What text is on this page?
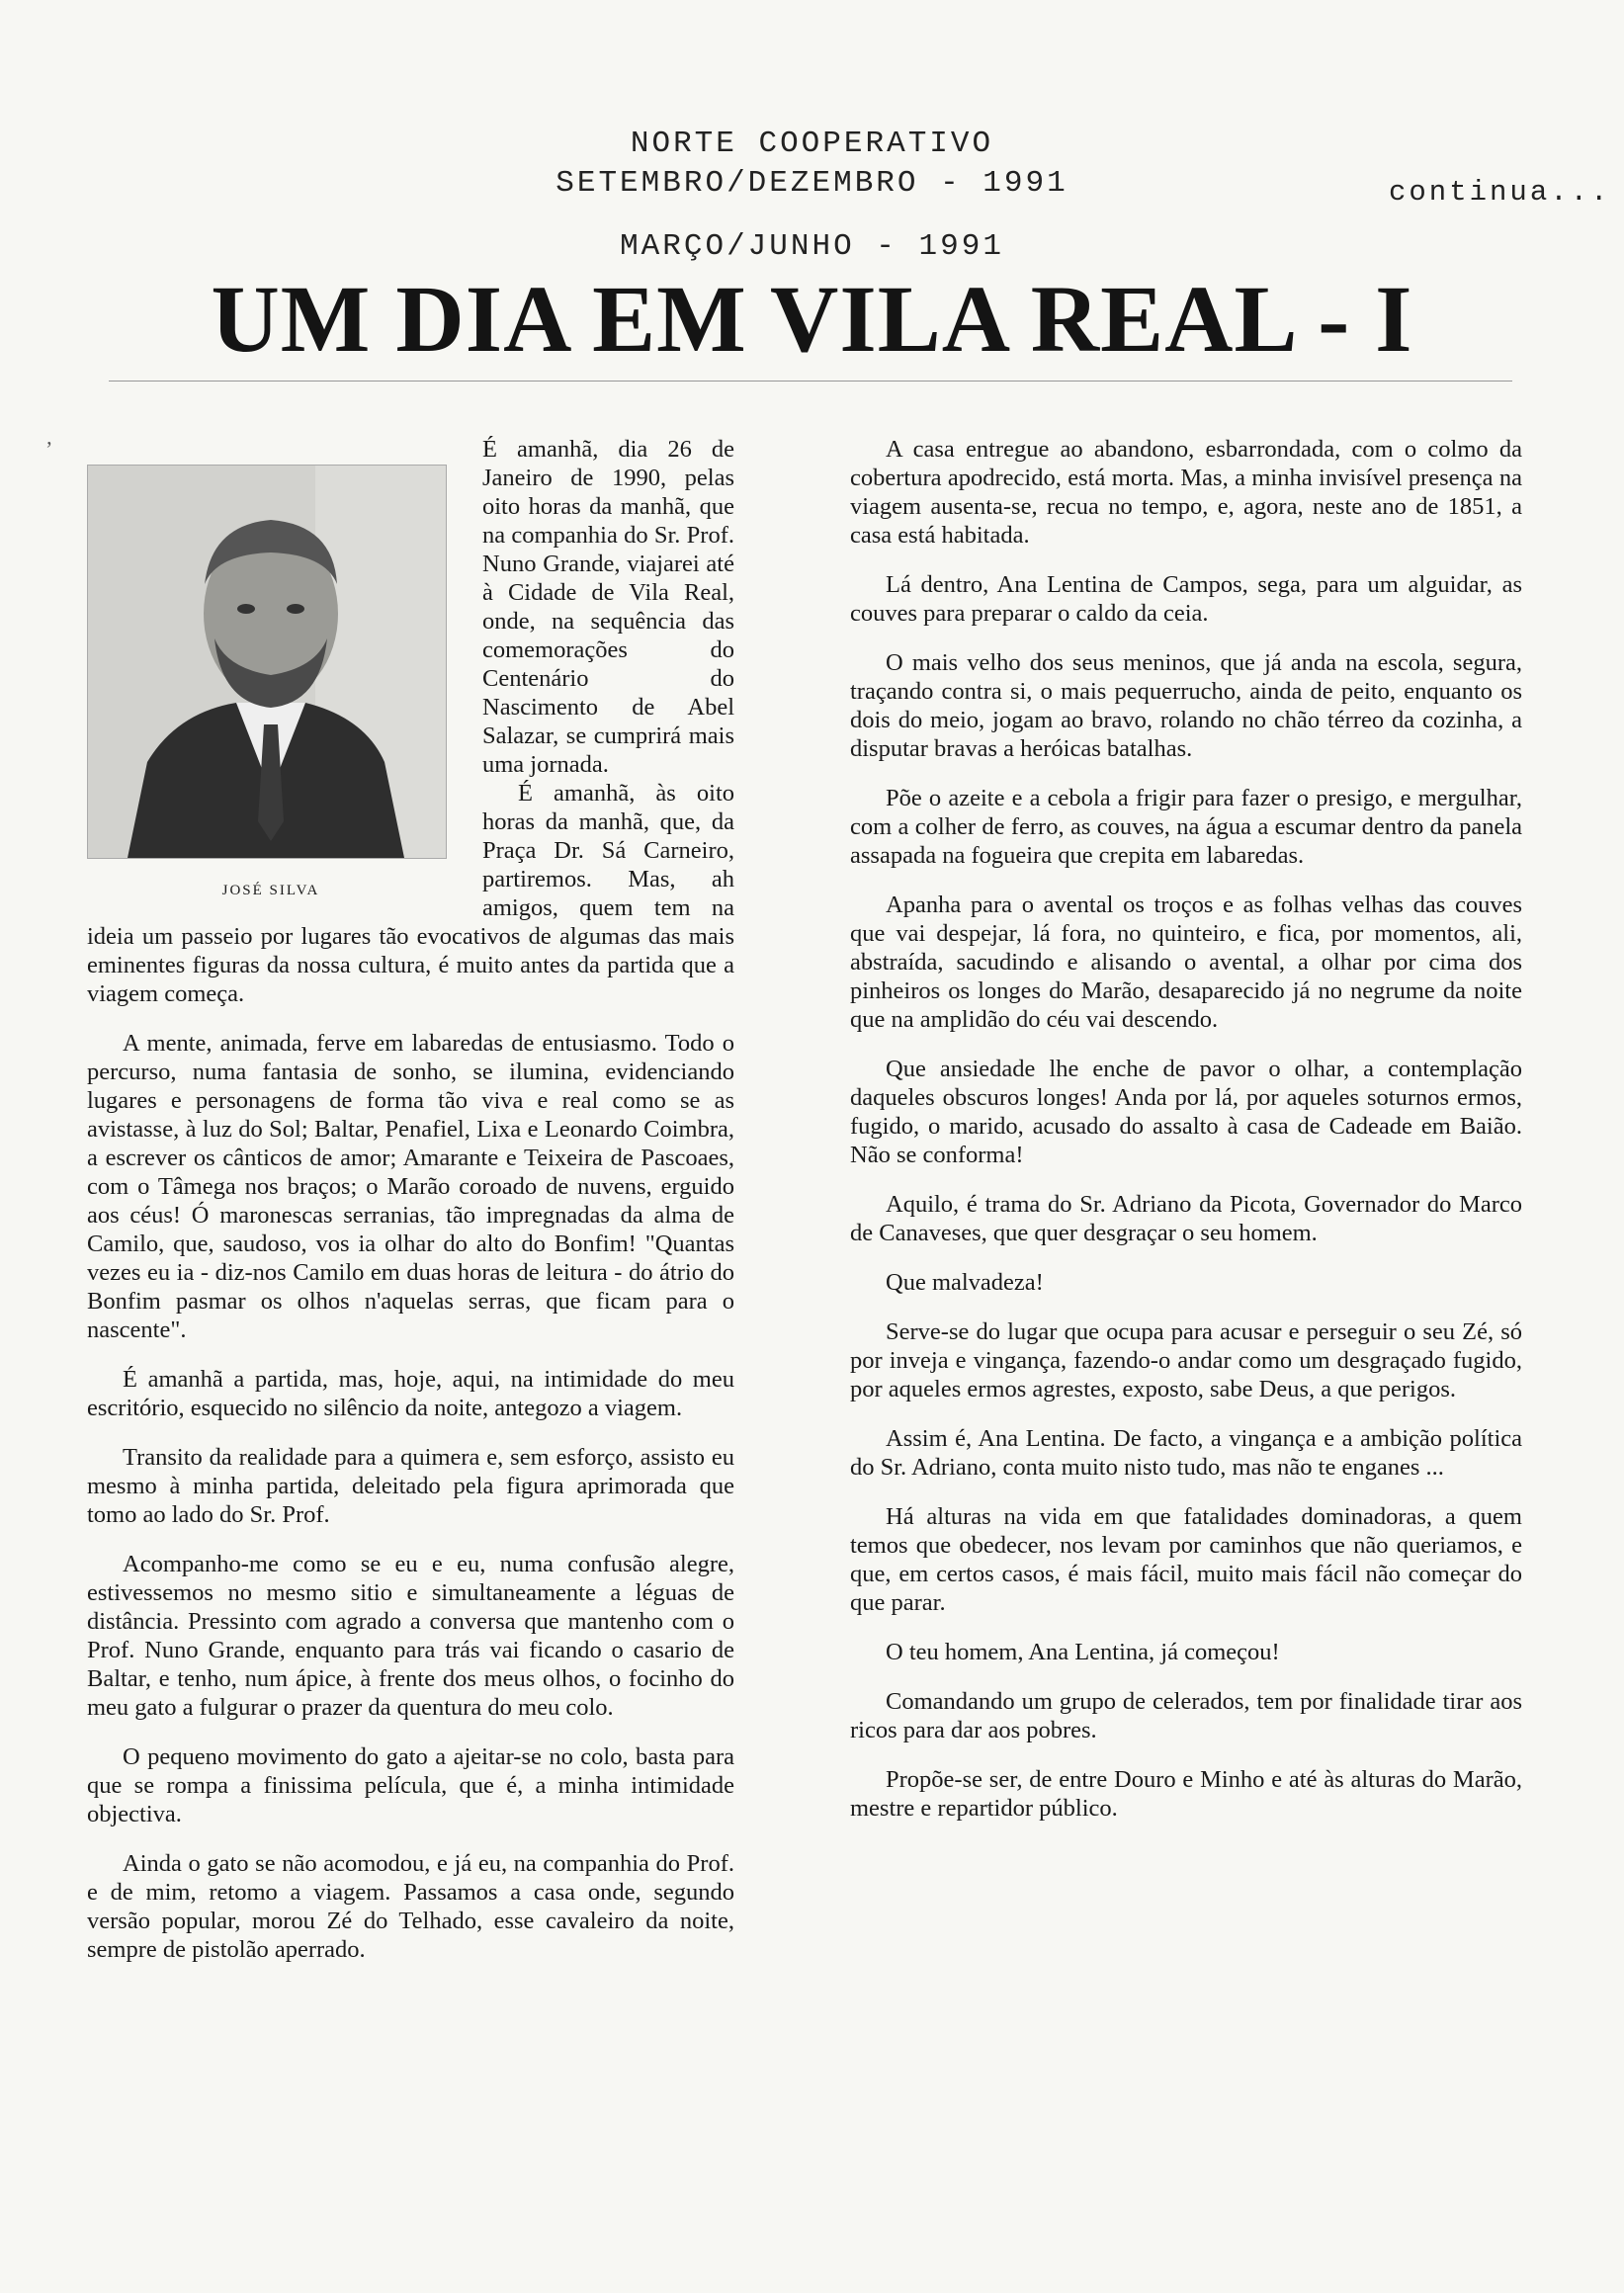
NORTE COOPERATIVO
SETEMBRO/DEZEMBRO - 1991	continua...
MARÇO/JUNHO - 1991
UM DIA EM VILA REAL - I
ʼ
JOSÉ SILVA

É amanhã, dia 26 de Janeiro de 1990, pelas oito horas da manhã, que na companhia do Sr. Prof. Nuno Grande, viajarei até à Cidade de Vila Real, onde, na sequência das comemorações do Centenário do Nascimento de Abel Salazar, se cumprirá mais uma jornada.

É amanhã, às oito horas da manhã, que, da Praça Dr. Sá Carneiro, partiremos. Mas, ah amigos, quem tem na ideia um passeio por lugares tão evocativos de algumas das mais eminentes figuras da nossa cultura, é muito antes da partida que a viagem começa.

A mente, animada, ferve em labaredas de entusiasmo. Todo o percurso, numa fantasia de sonho, se ilumina, evidenciando lugares e personagens de forma tão viva e real como se as avistasse, à luz do Sol; Baltar, Penafiel, Lixa e Leonardo Coimbra, a escrever os cânticos de amor; Amarante e Teixeira de Pascoaes, com o Tâmega nos braços; o Marão coroado de nuvens, erguido aos céus! Ó maronescas serranias, tão impregnadas da alma de Camilo, que, saudoso, vos ia olhar do alto do Bonfim! "Quantas vezes eu ia - diz-nos Camilo em duas horas de leitura - do átrio do Bonfim pasmar os olhos n'aquelas serras, que ficam para o nascente".

É amanhã a partida, mas, hoje, aqui, na intimidade do meu escritório, esquecido no silêncio da noite, antegozo a viagem.

Transito da realidade para a quimera e, sem esforço, assisto eu mesmo à minha partida, deleitado pela figura aprimorada que tomo ao lado do Sr. Prof.

Acompanho-me como se eu e eu, numa confusão alegre, estivessemos no mesmo sitio e simultaneamente a léguas de distância. Pressinto com agrado a conversa que mantenho com o Prof. Nuno Grande, enquanto para trás vai ficando o casario de Baltar, e tenho, num ápice, à frente dos meus olhos, o focinho do meu gato a fulgurar o prazer da quentura do meu colo.

O pequeno movimento do gato a ajeitar-se no colo, basta para que se rompa a finissima película, que é, a minha intimidade objectiva.

Ainda o gato se não acomodou, e já eu, na companhia do Prof. e de mim, retomo a viagem. Passamos a casa onde, segundo versão popular, morou Zé do Telhado, esse cavaleiro da noite, sempre de pistolão aperrado.

A casa entregue ao abandono, esbarrondada, com o colmo da cobertura apodrecido, está morta. Mas, a minha invisível presença na viagem ausenta-se, recua no tempo, e, agora, neste ano de 1851, a casa está habitada.

Lá dentro, Ana Lentina de Campos, sega, para um alguidar, as couves para preparar o caldo da ceia.

O mais velho dos seus meninos, que já anda na escola, segura, traçando contra si, o mais pequerrucho, ainda de peito, enquanto os dois do meio, jogam ao bravo, rolando no chão térreo da cozinha, a disputar bravas a heróicas batalhas.

Põe o azeite e a cebola a frigir para fazer o presigo, e mergulhar, com a colher de ferro, as couves, na água a escumar dentro da panela assapada na fogueira que crepita em labaredas.

Apanha para o avental os troços e as folhas velhas das couves que vai despejar, lá fora, no quinteiro, e fica, por momentos, ali, abstraída, sacudindo e alisando o avental, a olhar por cima dos pinheiros os longes do Marão, desaparecido já no negrume da noite que na amplidão do céu vai descendo.

Que ansiedade lhe enche de pavor o olhar, a contemplação daqueles obscuros longes! Anda por lá, por aqueles soturnos ermos, fugido, o marido, acusado do assalto à casa de Cadeade em Baião. Não se conforma!

Aquilo, é trama do Sr. Adriano da Picota, Governador do Marco de Canaveses, que quer desgraçar o seu homem.

Que malvadeza!

Serve-se do lugar que ocupa para acusar e perseguir o seu Zé, só por inveja e vingança, fazendo-o andar como um desgraçado fugido, por aqueles ermos agrestes, exposto, sabe Deus, a que perigos.

Assim é, Ana Lentina. De facto, a vingança e a ambição política do Sr. Adriano, conta muito nisto tudo, mas não te enganes ...

Há alturas na vida em que fatalidades dominadoras, a quem temos que obedecer, nos levam por caminhos que não queriamos, e que, em certos casos, é mais fácil, muito mais fácil não começar do que parar.

O teu homem, Ana Lentina, já começou!

Comandando um grupo de celerados, tem por finalidade tirar aos ricos para dar aos pobres.

Propõe-se ser, de entre Douro e Minho e até às alturas do Marão, mestre e repartidor público.
